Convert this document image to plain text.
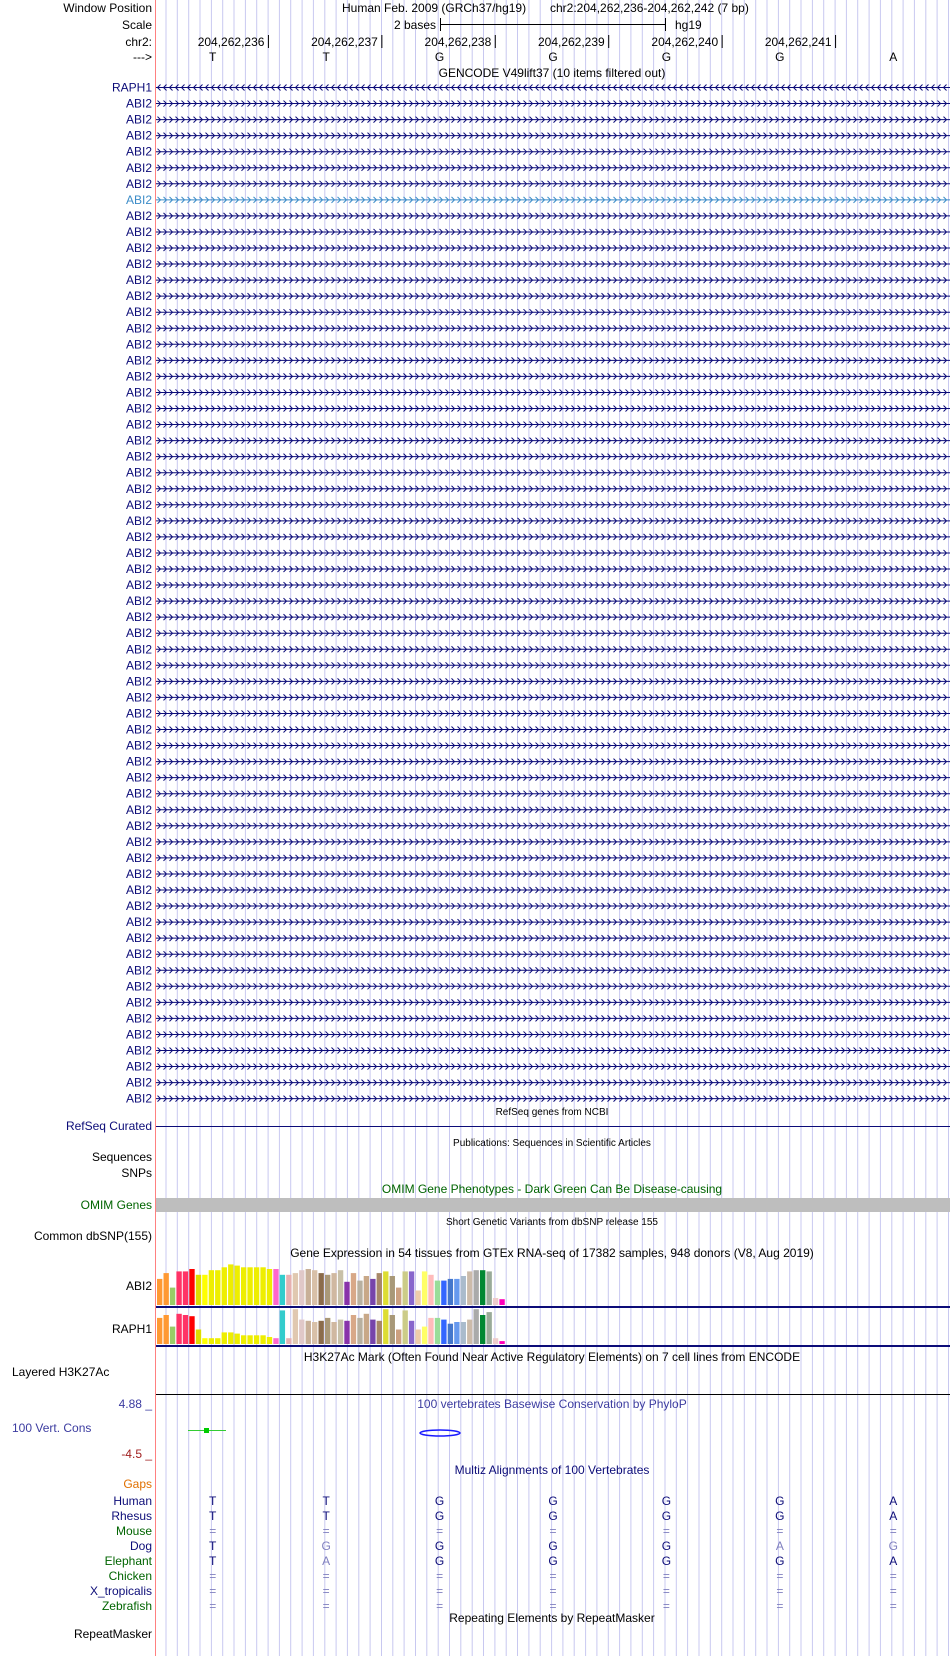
Window Position	Human Feb. 2009 (GRCh37/hg19) chr2:204,262,236-204,262,242 (7 bp)
Scale	2 bases	hg19
chr2:	204,262,236	204,262,237	204,262,238	204,262,239	204,262,240	204,262,241
--->	T	T	G	G	G	G	A
GENCODE V49lift37 (10 items filtered out)
RAPH1
ABI2
ABI2
ABI2
ABI2
ABI2
ABI2
ABI2
ABI2
ABI2
ABI2
ABI2
ABI2
ABI2
ABI2
ABI2
ABI2
ABI2
ABI2
ABI2
ABI2
ABI2
ABI2
ABI2
ABI2
ABI2
ABI2
ABI2
ABI2
ABI2
ABI2
ABI2
ABI2
ABI2
ABI2
ABI2
ABI2
ABI2
ABI2
ABI2
ABI2
ABI2
ABI2
ABI2
ABI2
ABI2
ABI2
ABI2
ABI2
ABI2
ABI2
ABI2
ABI2
ABI2
ABI2
ABI2
ABI2
ABI2
ABI2
ABI2
ABI2
ABI2
ABI2
ABI2
RefSeq genes from NCBI
RefSeq Curated
Publications: Sequences in Scientific Articles
Sequences
SNPs
OMIM Gene Phenotypes - Dark Green Can Be Disease-causing
OMIM Genes
Short Genetic Variants from dbSNP release 155
Common dbSNP(155)
Gene Expression in 54 tissues from GTEx RNA-seq of 17382 samples, 948 donors (V8, Aug 2019)
ABI2
RAPH1
H3K27Ac Mark (Often Found Near Active Regulatory Elements) on 7 cell lines from ENCODE
Layered H3K27Ac
4.88 _	100 vertebrates Basewise Conservation by PhyloP
100 Vert. Cons
-4.5 _
Multiz Alignments of 100 Vertebrates
Gaps
Human	T	T	G	G	G	G	A
Rhesus	T	T	G	G	G	G	A
Mouse	=	=	=	=	=	=	=
Dog	T	G	G	G	G	A	G
Elephant	T	A	G	G	G	G	A
Chicken	=	=	=	=	=	=	=
X_tropicalis	=	=	=	=	=	=	=
Zebrafish	=	=	=	=	=	=	=
Repeating Elements by RepeatMasker
RepeatMasker
